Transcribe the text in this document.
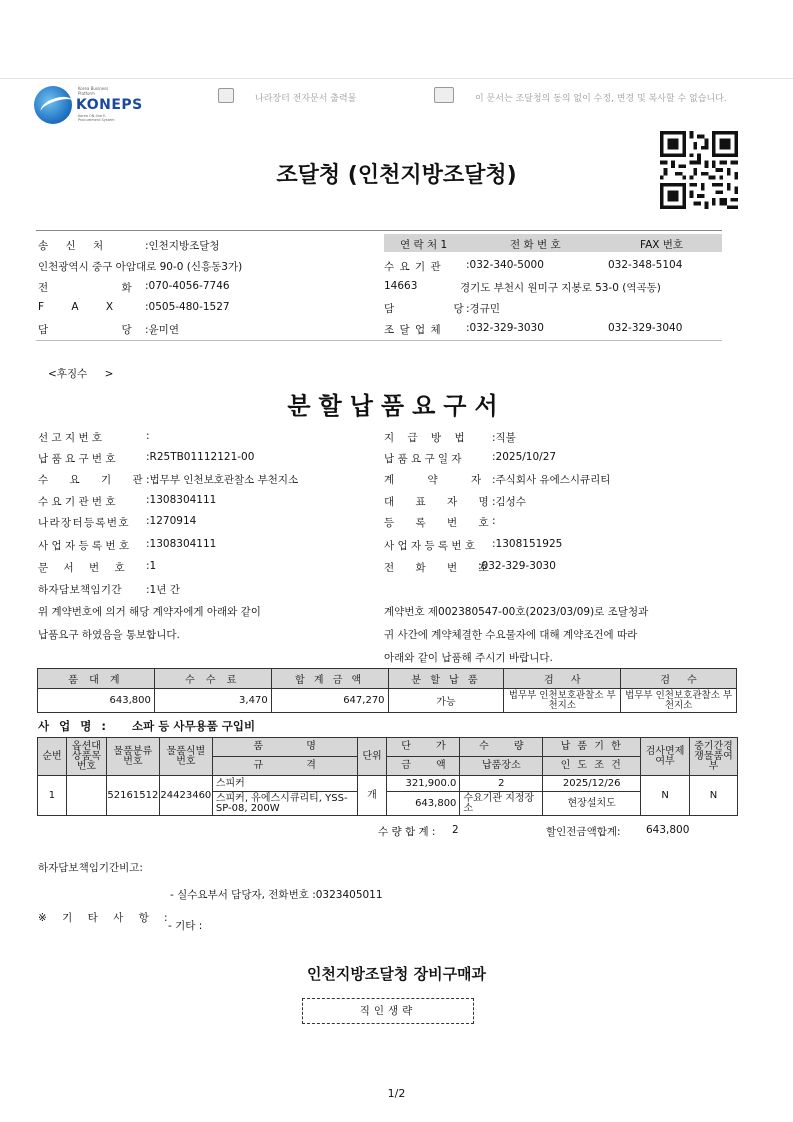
Korea Business Platform
KONEPS
Korea ON-line E-Procurement System
나라장터 전자문서 출력물	이 문서는 조달청의 동의 없이 수정, 변경 및 복사할 수 없습니다.
조달청 (인천지방조달청)
연 락 처 1	전 화 번 호	FAX 번호
송 신 처	:인천지방조달청
인천광역시 중구 아암대로 90-0 (신흥동3가)
전 화 :070-4056-7746
F A X	:0505-480-1527
담 당 :윤미연
수 요 기 관 :032-340-5000	032-348-5104
14663	경기도 부천시 원미구 지봉로 53-0 (역곡동)
담 당 :경규민
조 달 업 체 :032-329-3030	032-329-3040
<후징수 >
분할납품요구서
선 고 지 번 호	:
납 품 요 구 번 호	:R25TB01112121-00
수 요 기 관 :법무부 인천보호관찰소 부천지소
수 요 기 관 번 호	:1308304111
나 라 장 터 등 록 번 호 :1270914
사 업 자 등 록 번 호 :1308304111
문 서 번 호 :1
하 자 담 보 책 임 기 간 :1년 간
지 급 방 법	:직불
납 품 요 구 일 자	:2025/10/27
계 약 자 :주식회사 유에스시큐리티
대 표 자 명 :김성수
등 록 번 호 :
사 업 자 등 록 번 호 :1308151925
전 화 번 호
:032-329-3030
위 계약번호에 의거 해당 계약자에게 아래와 같이
납품요구 하였음을 통보합니다.
계약번호 제002380547-00호(2023/03/09)로 조달청과
귀 사간에 계약체결한 수요물자에 대해 계약조건에 따라
아래와 같이 납품해 주시기 바랍니다.
품 대 계	수 수 료	합 계 금 액	분 할 납 품	검 사	검 수
643,800	3,470	647,270	가능	법무부 인천보호관찰소 부천지소	법무부 인천보호관찰소 부천지소
사 업 명 : 소파 등 사무용품 구입비
순번	옵션대상품목번호	물품분류번호	물품식별번호	품 명	단위	단 가	수 량	납 품 기 한	검사면제여부	중기간경쟁물품여부
				규 격		금 액	납품장소	인 도 조 건		
1		52161512	24423460	스피커	개	321,900.0	2	2025/12/26	N	N
				스피커, 유에스시큐리티, YSS-SP-08, 200W		643,800	수요기관 지정장소	현장설치도		
수 량 합 계 : 2	할인전금액합계: 643,800
하자담보책임기간비고:
- 실수요부서 담당자, 전화번호 :0323405011
※ 기 타 사 항 :
- 기타 :
인천지방조달청 장비구매과
직인생략
1/2
